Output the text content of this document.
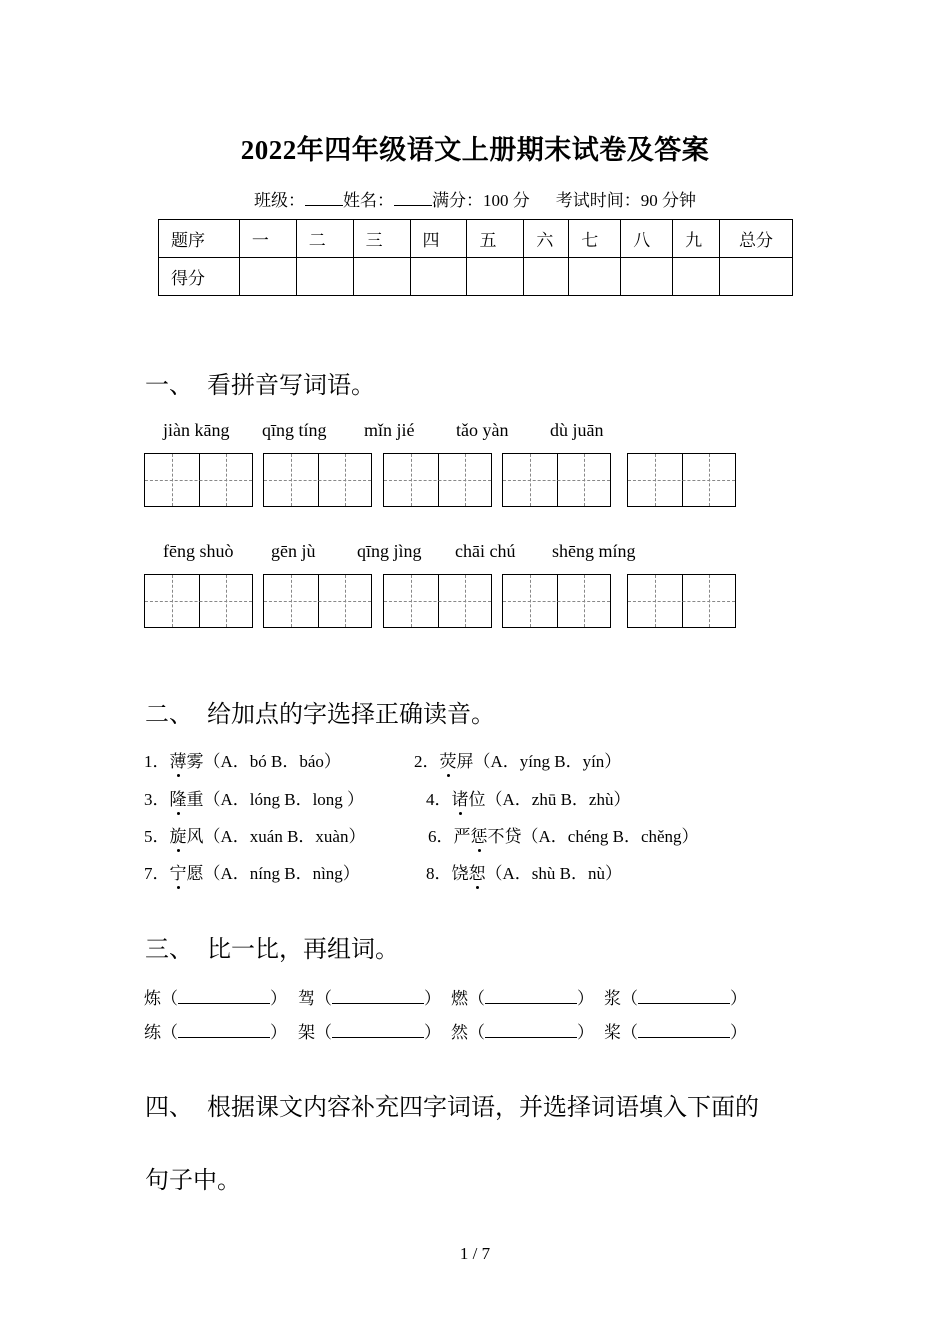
2022年四年级语文上册期末试卷及答案
班级： 姓名： 满分：100 分 考试时间：90 分钟
题序	一	二	三	四	五	六	七	八	九	总分
得分										
一、 看拼音写词语。
jiàn kāng qīng tíng mǐn jié tǎo yàn dù juān
fēng shuò gēn jù qīng jìng chāi chú shēng míng
二、 给加点的字选择正确读音。
1．薄雾（A．bó B．báo）	2．荧屏（A．yíng B．yín）
3．隆重（A．lóng B．long ）	4．诸位（A．zhū B．zhù）
5．旋风（A．xuán B．xuàn）	6．严惩不贷（A．chéng B．chěng）
7．宁愿（A．níng B．nìng）	8．饶恕（A．shù B．nù）
三、 比一比，再组词。
炼（	） 驾（	） 燃（	） 浆（	）
练（	） 架（	） 然（	） 桨（	）
四、 根据课文内容补充四字词语，并选择词语填入下面的
句子中。
1 / 7
